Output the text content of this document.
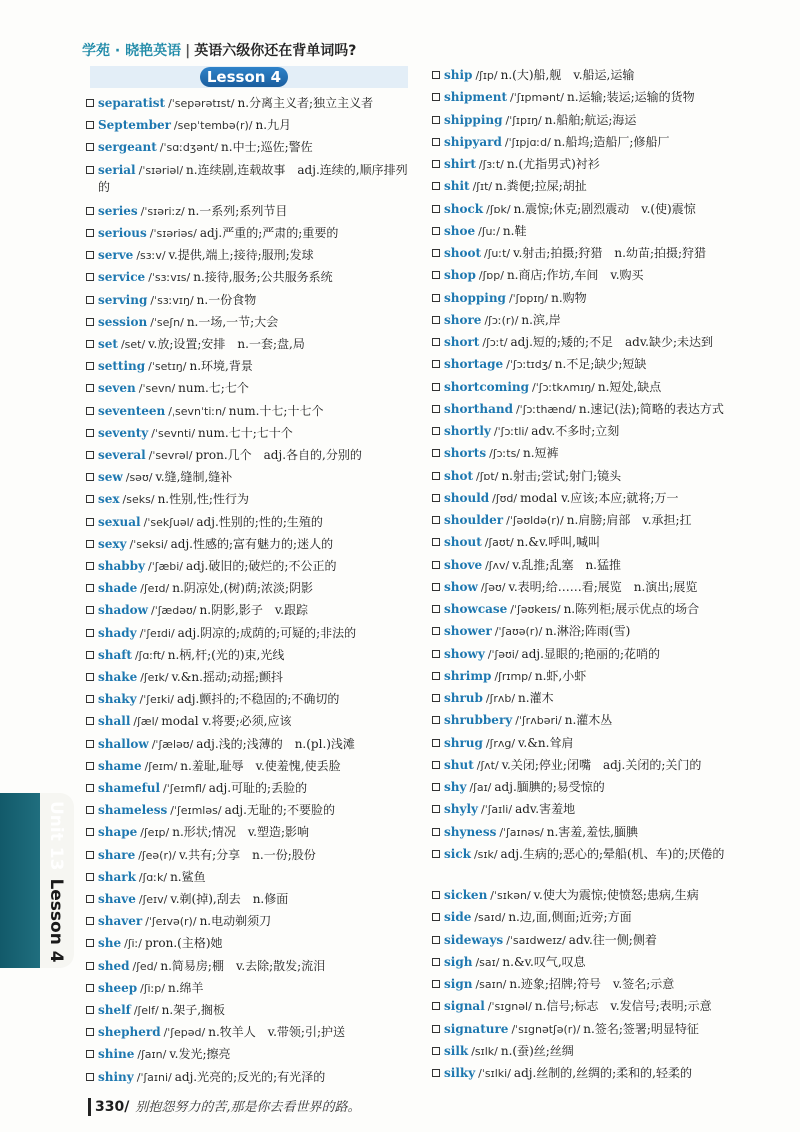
学苑 · 晓艳英语 | 英语六级你还在背单词吗?
Lesson 4
separatist /ˈsepərətɪst/ n.分离主义者;独立主义者
September /sepˈtembə(r)/ n.九月
sergeant /ˈsɑːdʒənt/ n.中士;巡佐;警佐
serial /ˈsɪəriəl/ n.连续剧,连载故事　adj.连续的,顺序排列的
series /ˈsɪəriːz/ n.一系列;系列节目
serious /ˈsɪəriəs/ adj.严重的;严肃的;重要的
serve /sɜːv/ v.提供,端上;接待;服刑;发球
service /ˈsɜːvɪs/ n.接待,服务;公共服务系统
serving /ˈsɜːvɪŋ/ n.一份食物
session /ˈseʃn/ n.一场,一节;大会
set /set/ v.放;设置;安排　n.一套;盘,局
setting /ˈsetɪŋ/ n.环境,背景
seven /ˈsevn/ num.七;七个
seventeen /ˌsevnˈtiːn/ num.十七;十七个
seventy /ˈsevnti/ num.七十;七十个
several /ˈsevrəl/ pron.几个　adj.各自的,分别的
sew /səʊ/ v.缝,缝制,缝补
sex /seks/ n.性别,性;性行为
sexual /ˈsekʃuəl/ adj.性别的;性的;生殖的
sexy /ˈseksi/ adj.性感的;富有魅力的;迷人的
shabby /ˈʃæbi/ adj.破旧的;破烂的;不公正的
shade /ʃeɪd/ n.阴凉处,(树)荫;浓淡;阴影
shadow /ˈʃædəʊ/ n.阴影,影子　v.跟踪
shady /ˈʃeɪdi/ adj.阴凉的;成荫的;可疑的;非法的
shaft /ʃɑːft/ n.柄,杆;(光的)束,光线
shake /ʃeɪk/ v.&n.摇动;动摇;颤抖
shaky /ˈʃeɪki/ adj.颤抖的;不稳固的;不确切的
shall /ʃæl/ modal v.将要;必须,应该
shallow /ˈʃæləʊ/ adj.浅的;浅薄的　n.(pl.)浅滩
shame /ʃeɪm/ n.羞耻,耻辱　v.使羞愧,使丢脸
shameful /ˈʃeɪmfl/ adj.可耻的;丢脸的
shameless /ˈʃeɪmləs/ adj.无耻的;不要脸的
shape /ʃeɪp/ n.形状;情况　v.塑造;影响
share /ʃeə(r)/ v.共有;分享　n.一份;股份
shark /ʃɑːk/ n.鲨鱼
shave /ʃeɪv/ v.剃(掉),刮去　n.修面
shaver /ˈʃeɪvə(r)/ n.电动剃须刀
she /ʃiː/ pron.(主格)她
shed /ʃed/ n.简易房;棚　v.去除;散发;流泪
sheep /ʃiːp/ n.绵羊
shelf /ʃelf/ n.架子,搁板
shepherd /ˈʃepəd/ n.牧羊人　v.带领;引;护送
shine /ʃaɪn/ v.发光;擦亮
shiny /ˈʃaɪni/ adj.光亮的;反光的;有光泽的
ship /ʃɪp/ n.(大)船,舰　v.船运,运输
shipment /ˈʃɪpmənt/ n.运输;装运;运输的货物
shipping /ˈʃɪpɪŋ/ n.船舶;航运;海运
shipyard /ˈʃɪpjɑːd/ n.船坞;造船厂;修船厂
shirt /ʃɜːt/ n.(尤指男式)衬衫
shit /ʃɪt/ n.粪便;拉屎;胡扯
shock /ʃɒk/ n.震惊;休克;剧烈震动　v.(使)震惊
shoe /ʃuː/ n.鞋
shoot /ʃuːt/ v.射击;拍摄;狩猎　n.幼苗;拍摄;狩猎
shop /ʃɒp/ n.商店;作坊,车间　v.购买
shopping /ˈʃɒpɪŋ/ n.购物
shore /ʃɔː(r)/ n.滨,岸
short /ʃɔːt/ adj.短的;矮的;不足　adv.缺少;未达到
shortage /ˈʃɔːtɪdʒ/ n.不足;缺少;短缺
shortcoming /ˈʃɔːtkʌmɪŋ/ n.短处,缺点
shorthand /ˈʃɔːthænd/ n.速记(法);简略的表达方式
shortly /ˈʃɔːtli/ adv.不多时;立刻
shorts /ʃɔːts/ n.短裤
shot /ʃɒt/ n.射击;尝试;射门;镜头
should /ʃʊd/ modal v.应该;本应;就将;万一
shoulder /ˈʃəʊldə(r)/ n.肩膀;肩部　v.承担;扛
shout /ʃaʊt/ n.&v.呼叫,喊叫
shove /ʃʌv/ v.乱推;乱塞　n.猛推
show /ʃəʊ/ v.表明;给……看;展览　n.演出;展览
showcase /ˈʃəʊkeɪs/ n.陈列柜;展示优点的场合
shower /ˈʃaʊə(r)/ n.淋浴;阵雨(雪)
showy /ˈʃəʊi/ adj.显眼的;艳丽的;花哨的
shrimp /ʃrɪmp/ n.虾,小虾
shrub /ʃrʌb/ n.灌木
shrubbery /ˈʃrʌbəri/ n.灌木丛
shrug /ʃrʌg/ v.&n.耸肩
shut /ʃʌt/ v.关闭;停业;闭嘴　adj.关闭的;关门的
shy /ʃaɪ/ adj.腼腆的;易受惊的
shyly /ˈʃaɪli/ adv.害羞地
shyness /ˈʃaɪnəs/ n.害羞,羞怯,腼腆
sick /sɪk/ adj.生病的;恶心的;晕船(机、车)的;厌倦的
sicken /ˈsɪkən/ v.使大为震惊;使愤怒;患病,生病
side /saɪd/ n.边,面,侧面;近旁;方面
sideways /ˈsaɪdweɪz/ adv.往一侧;侧着
sigh /saɪ/ n.&v.叹气,叹息
sign /saɪn/ n.迹象;招牌;符号　v.签名;示意
signal /ˈsɪgnəl/ n.信号;标志　v.发信号;表明;示意
signature /ˈsɪgnətʃə(r)/ n.签名;签署;明显特征
silk /sɪlk/ n.(蚕)丝;丝绸
silky /ˈsɪlki/ adj.丝制的,丝绸的;柔和的,轻柔的
Unit 13Lesson 4
330/ 别抱怨努力的苦,那是你去看世界的路。
